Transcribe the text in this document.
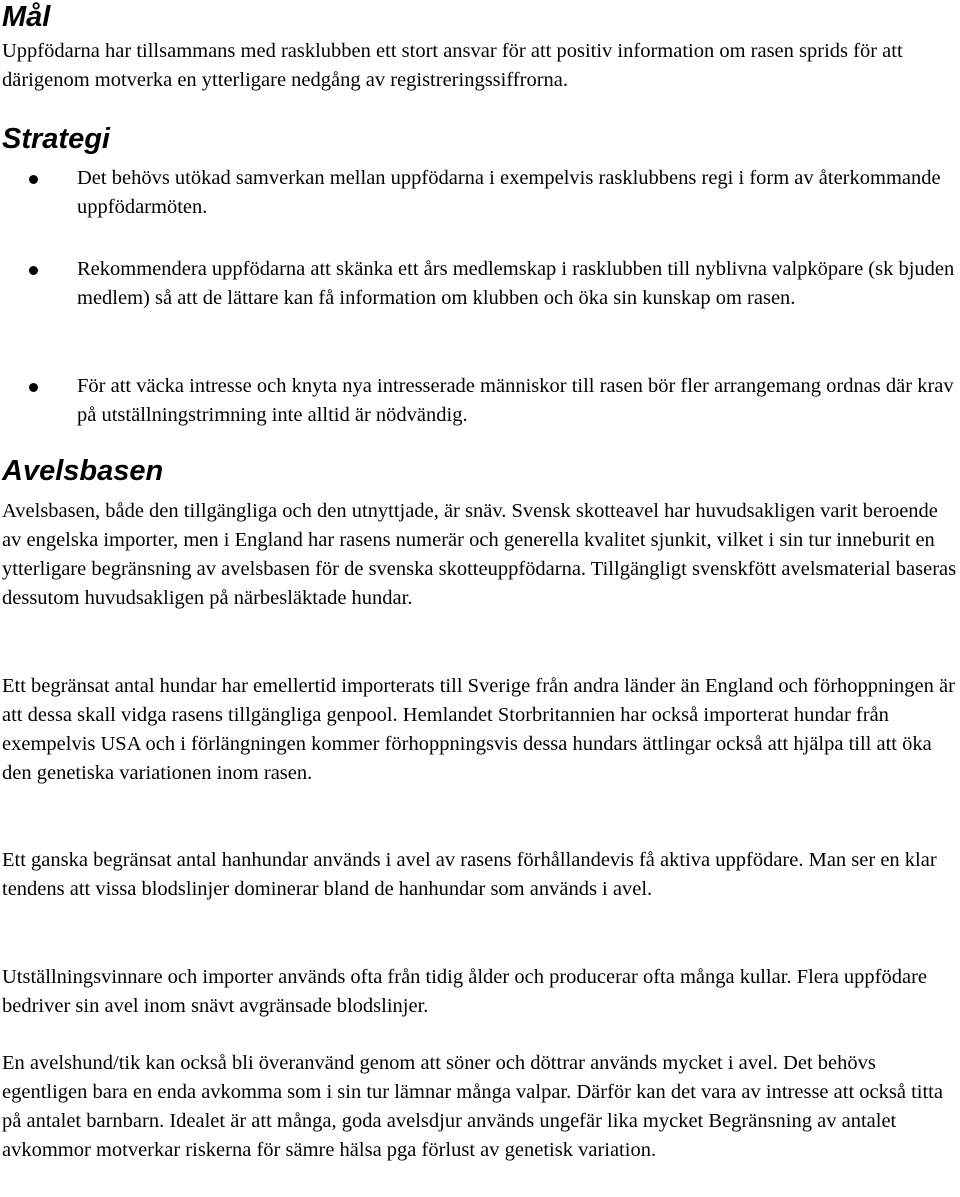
Mål

Uppfödarna har tillsammans med rasklubben ett stort ansvar för att positiv information om rasen sprids för att därigenom motverka en ytterligare nedgång av registreringssiffrorna.

Strategi

Det behövs utökad samverkan mellan uppfödarna i exempelvis rasklubbens regi i form av återkommande uppfödarmöten.

Rekommendera uppfödarna att skänka ett års medlemskap i rasklubben till nyblivna valpköpare (sk bjuden medlem) så att de lättare kan få information om klubben och öka sin kunskap om rasen.

För att väcka intresse och knyta nya intresserade människor till rasen bör fler arrangemang ordnas där krav på utställningstrimning inte alltid är nödvändig.

Avelsbasen

Avelsbasen, både den tillgängliga och den utnyttjade, är snäv. Svensk skotteavel har huvudsakligen varit beroende av engelska importer, men i England har rasens numerär och generella kvalitet sjunkit, vilket i sin tur inneburit en ytterligare begränsning av avelsbasen för de svenska skotteuppfödarna. Tillgängligt svenskfött avelsmaterial baseras dessutom huvudsakligen på närbesläktade hundar.

Ett begränsat antal hundar har emellertid importerats till Sverige från andra länder än England och förhoppningen är att dessa skall vidga rasens tillgängliga genpool. Hemlandet Storbritannien har också importerat hundar från exempelvis USA och i förlängningen kommer förhoppningsvis dessa hundars ättlingar också att hjälpa till att öka den genetiska variationen inom rasen.

Ett ganska begränsat antal hanhundar används i avel av rasens förhållandevis få aktiva uppfödare. Man ser en klar tendens att vissa blodslinjer dominerar bland de hanhundar som används i avel.

Utställningsvinnare och importer används ofta från tidig ålder och producerar ofta många kullar. Flera uppfödare bedriver sin avel inom snävt avgränsade blodslinjer.

En avelshund/tik kan också bli överanvänd genom att söner och döttrar används mycket i avel. Det behövs egentligen bara en enda avkomma som i sin tur lämnar många valpar. Därför kan det vara av intresse att också titta på antalet barnbarn. Idealet är att många, goda avelsdjur används ungefär lika mycket Begränsning av antalet avkommor motverkar riskerna för sämre hälsa pga förlust av genetisk variation.
